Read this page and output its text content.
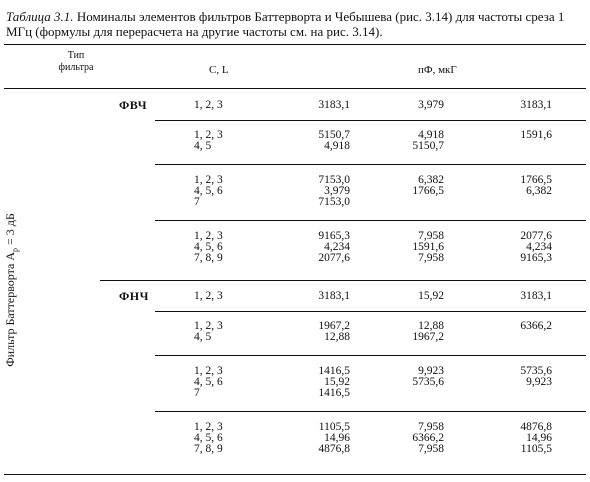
Таблица 3.1. Номиналы элементов фильтров Баттерворта и Чебышева (рис. 3.14) для частоты среза 1 МГц (формулы для перерасчета на другие частоты см. на рис. 3.14).
Тип
фильтра	С, L	пФ, мкГ
Фильтр Баттерворта $A_р = 3$ дБ
ФВЧ	1, 2, 3	3183,1	3,979	3183,1
1, 2, 3	5150,7	4,918	1591,6
4, 5	4,918	5150,7
1, 2, 3	7153,0	6,382	1766,5
4, 5, 6	3,979	1766,5	6,382
7	7153,0
1, 2, 3	9165,3	7,958	2077,6
4, 5, 6	4,234	1591,6	4,234
7, 8, 9	2077,6	7,958	9165,3
ФНЧ	1, 2, 3	3183,1	15,92	3183,1
1, 2, 3	1967,2	12,88	6366,2
4, 5	12,88	1967,2
1, 2, 3	1416,5	9,923	5735,6
4, 5, 6	15,92	5735,6	9,923
7	1416,5
1, 2, 3	1105,5	7,958	4876,8
4, 5, 6	14,96	6366,2	14,96
7, 8, 9	4876,8	7,958	1105,5
